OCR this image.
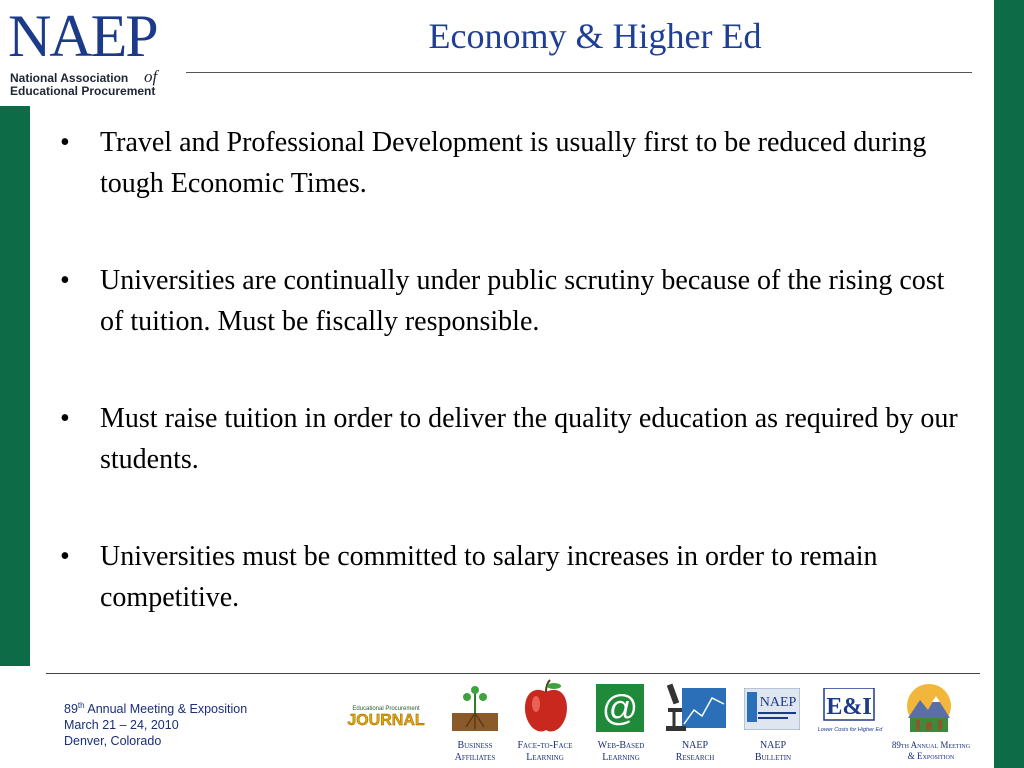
NAEP
National Association of
Educational Procurement
Economy & Higher Ed
• Travel and Professional Development is usually first to be reduced during tough Economic Times.
• Universities are continually under public scrutiny because of the rising cost of tuition. Must be fiscally responsible.
• Must raise tuition in order to deliver the quality education as required by our students.
• Universities must be committed to salary increases in order to remain competitive.
89th Annual Meeting & Exposition
March 21 – 24, 2010
Denver, Colorado
Educational Procurement
JOURNAL
Business
Affiliates
Face-to-Face
Learning
@
Web-Based
Learning
NAEP
Research
NAEP
NAEP
Bulletin
E&I
Lower Costs for Higher Ed
89th Annual Meeting
& Exposition
